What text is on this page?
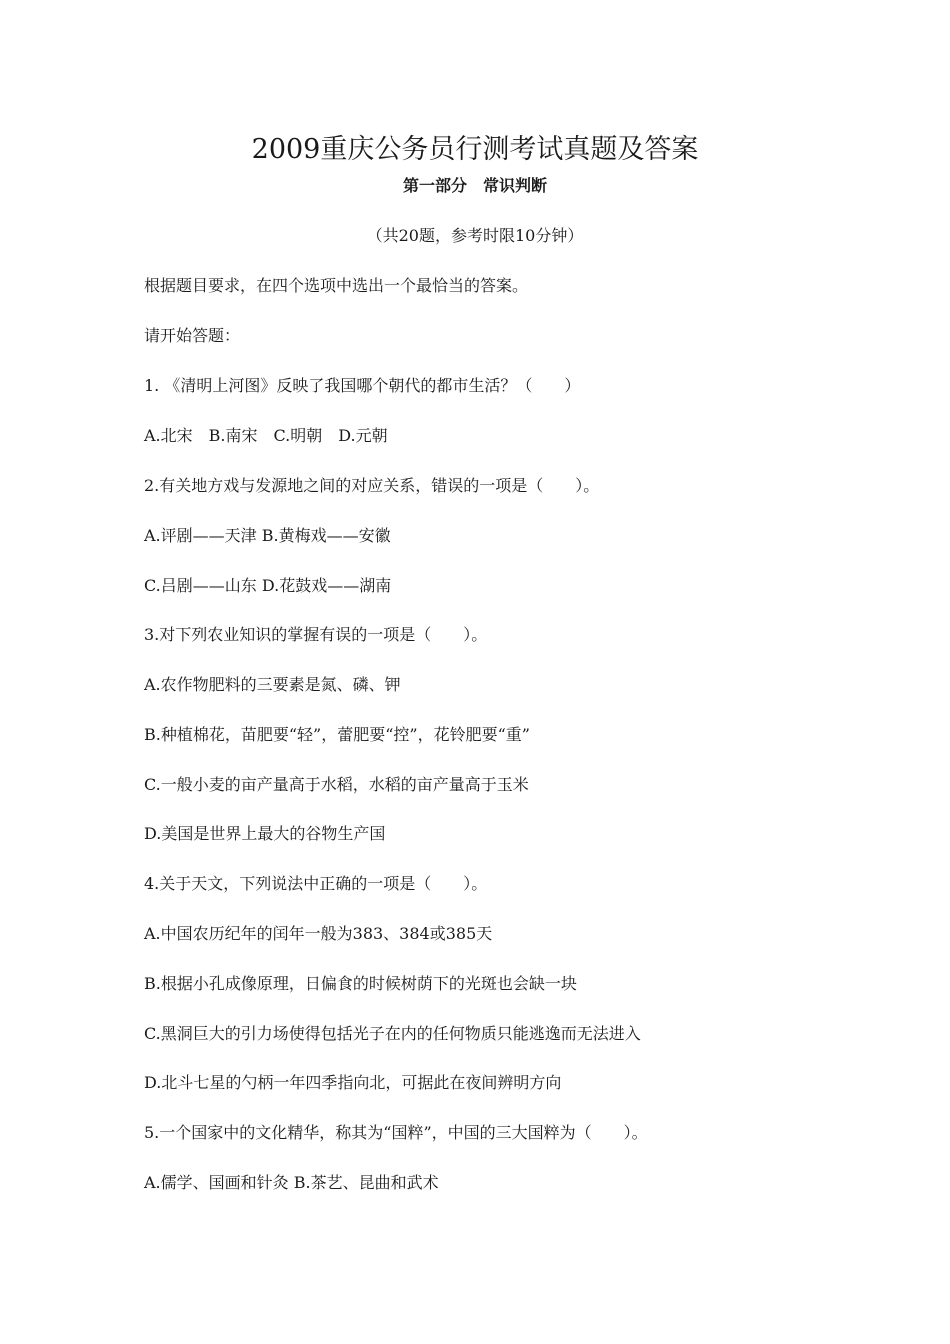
2009重庆公务员行测考试真题及答案
第一部分　常识判断
（共20题，参考时限10分钟）
根据题目要求，在四个选项中选出一个最恰当的答案。
请开始答题：
1. 《清明上河图》反映了我国哪个朝代的都市生活？（　　）
A.北宋　B.南宋　C.明朝　D.元朝
2.有关地方戏与发源地之间的对应关系，错误的一项是（　　）。
A.评剧——天津 B.黄梅戏——安徽
C.吕剧——山东 D.花鼓戏——湖南
3.对下列农业知识的掌握有误的一项是（　　）。
A.农作物肥料的三要素是氮、磷、钾
B.种植棉花，苗肥要“轻”，蕾肥要“控”，花铃肥要“重”
C.一般小麦的亩产量高于水稻，水稻的亩产量高于玉米
D.美国是世界上最大的谷物生产国
4.关于天文，下列说法中正确的一项是（　　）。
A.中国农历纪年的闰年一般为383、384或385天
B.根据小孔成像原理，日偏食的时候树荫下的光斑也会缺一块
C.黑洞巨大的引力场使得包括光子在内的任何物质只能逃逸而无法进入
D.北斗七星的勺柄一年四季指向北，可据此在夜间辨明方向
5.一个国家中的文化精华，称其为“国粹”，中国的三大国粹为（　　）。
A.儒学、国画和针灸 B.茶艺、昆曲和武术
